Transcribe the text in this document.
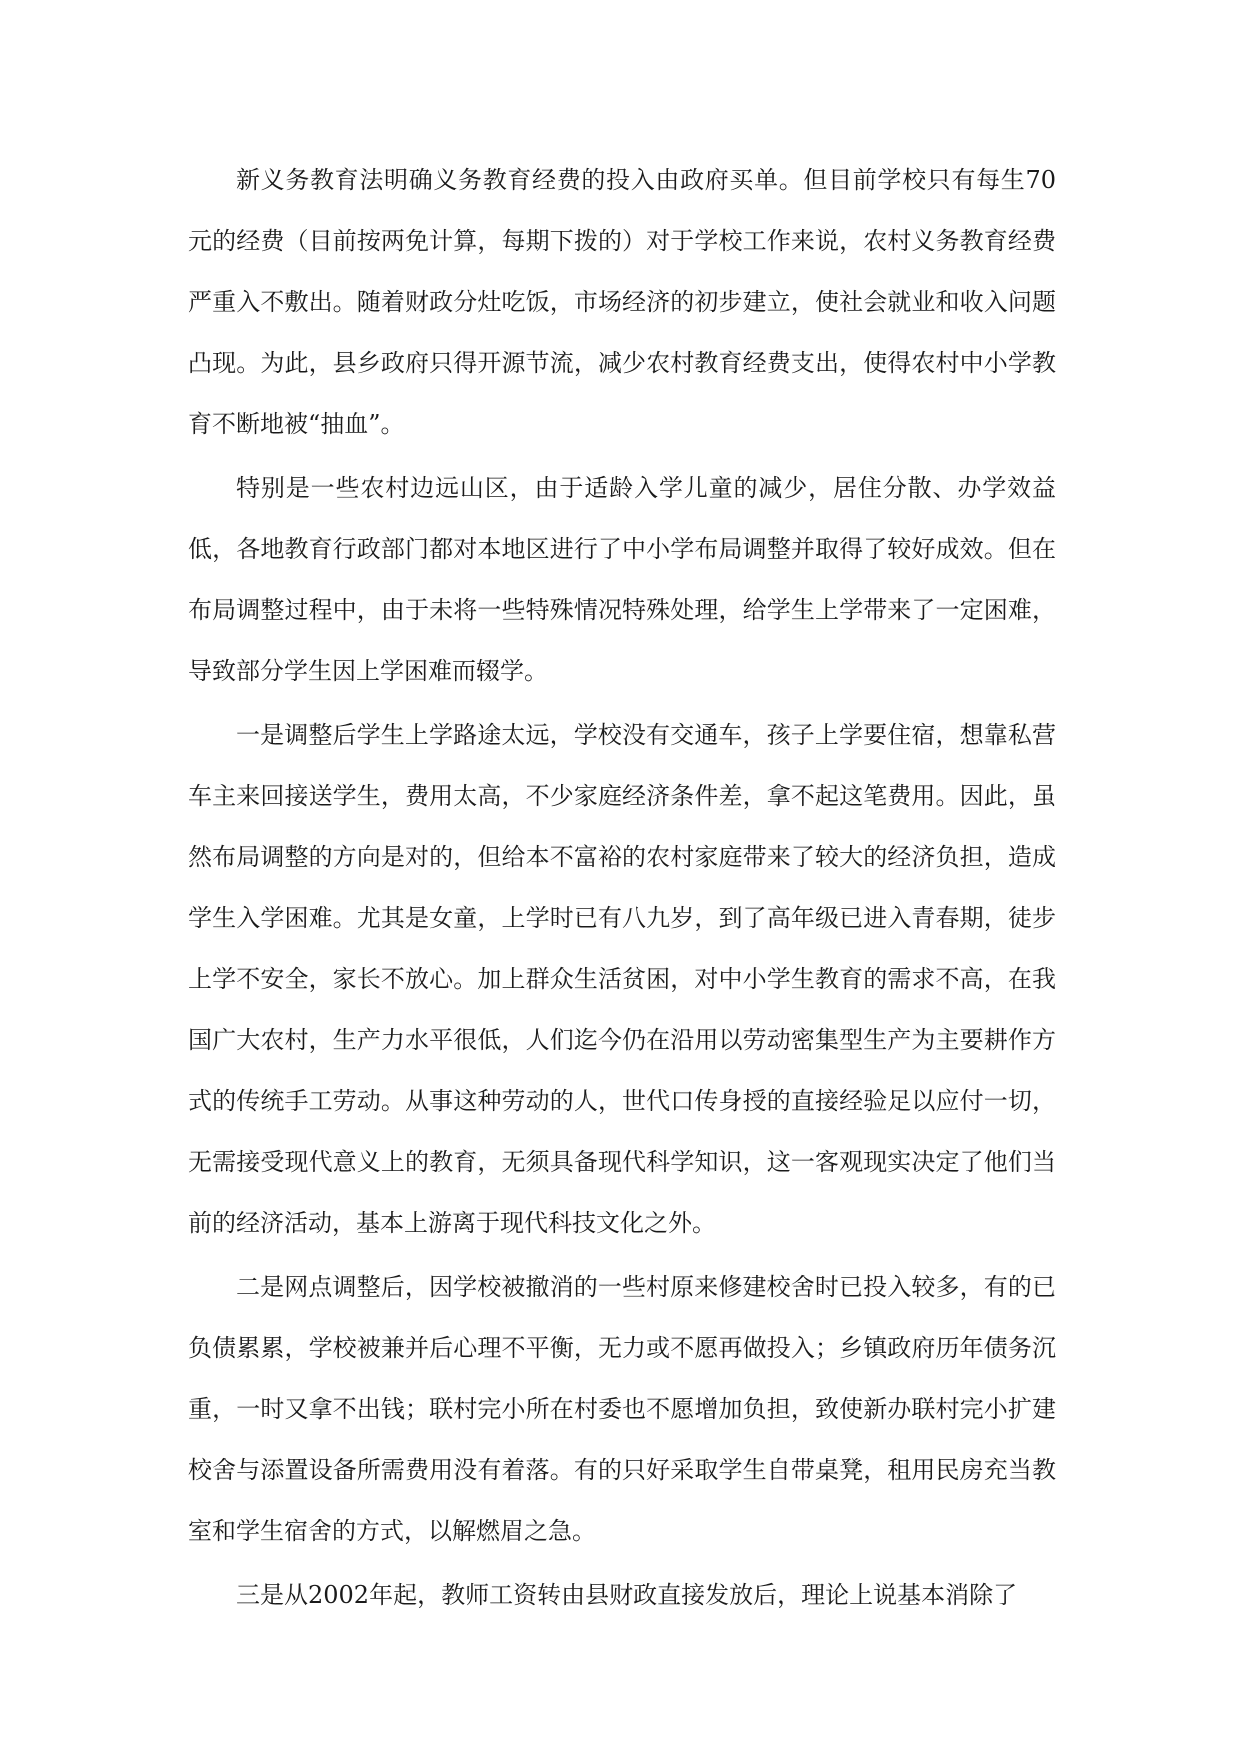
新义务教育法明确义务教育经费的投入由政府买单。但目前学校只有每生70元的经费（目前按两免计算，每期下拨的）对于学校工作来说，农村义务教育经费严重入不敷出。随着财政分灶吃饭，市场经济的初步建立，使社会就业和收入问题凸现。为此，县乡政府只得开源节流，减少农村教育经费支出，使得农村中小学教育不断地被“抽血”。

特别是一些农村边远山区，由于适龄入学儿童的减少，居住分散、办学效益低，各地教育行政部门都对本地区进行了中小学布局调整并取得了较好成效。但在布局调整过程中，由于未将一些特殊情况特殊处理，给学生上学带来了一定困难，导致部分学生因上学困难而辍学。

一是调整后学生上学路途太远，学校没有交通车，孩子上学要住宿，想靠私营车主来回接送学生，费用太高，不少家庭经济条件差，拿不起这笔费用。因此，虽然布局调整的方向是对的，但给本不富裕的农村家庭带来了较大的经济负担，造成学生入学困难。尤其是女童，上学时已有八九岁，到了高年级已进入青春期，徒步上学不安全，家长不放心。加上群众生活贫困，对中小学生教育的需求不高，在我国广大农村，生产力水平很低，人们迄今仍在沿用以劳动密集型生产为主要耕作方式的传统手工劳动。从事这种劳动的人，世代口传身授的直接经验足以应付一切，无需接受现代意义上的教育，无须具备现代科学知识，这一客观现实决定了他们当前的经济活动，基本上游离于现代科技文化之外。

二是网点调整后，因学校被撤消的一些村原来修建校舍时已投入较多，有的已负债累累，学校被兼并后心理不平衡，无力或不愿再做投入；乡镇政府历年债务沉重，一时又拿不出钱；联村完小所在村委也不愿增加负担，致使新办联村完小扩建校舍与添置设备所需费用没有着落。有的只好采取学生自带桌凳，租用民房充当教室和学生宿舍的方式，以解燃眉之急。

三是从2002年起，教师工资转由县财政直接发放后，理论上说基本消除了
